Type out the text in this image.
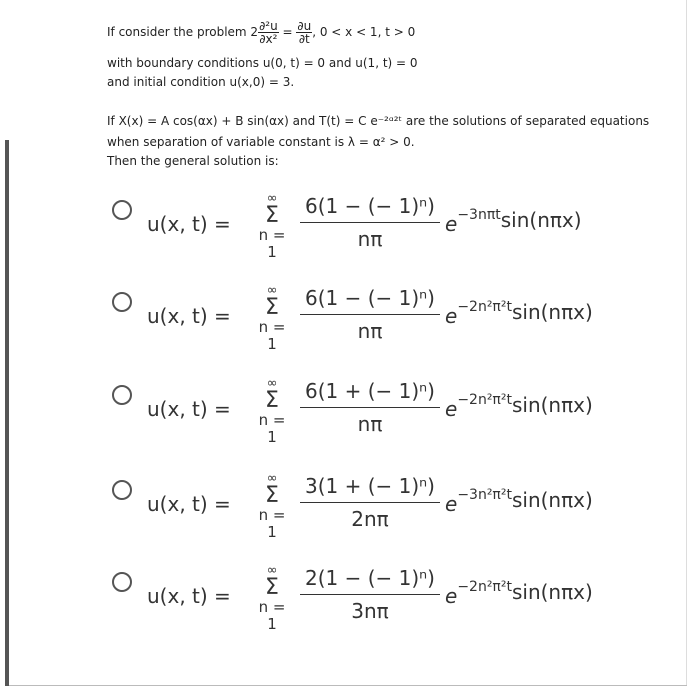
If consider the problem $2 \frac{\text{∂²u}}{\text{∂x²}} = \frac{\partial u}{\partial t}$ , 0 < x < 1, t > 0
with boundary conditions u(0, t) = 0 and u(1, t) = 0
and initial condition u(x,0) = 3.
If X(x) = A cos(αx) + B sin(αx) and T(t) = C e⁻²ᵅ²ᵗ are the solutions of separated equations
when separation of variable constant is λ = α² > 0.
Then the general solution is:
u(x, t) =
∞
Σ
n = 1
$\frac{\text{6(1 − (− 1)ⁿ)}}{n\pi} e^{-3n\pi t}\sin(n\pi x)$
u(x, t) =
∞
Σ
n = 1
$\frac{\text{6(1 − (− 1)ⁿ)}}{n\pi} e^{-2n^2\pi^2t}\sin(n\pi x)$
u(x, t) =
∞
Σ
n = 1
$\frac{\text{6(1 + (− 1)ⁿ)}}{n\pi} e^{-2n^2\pi^2t}\sin(n\pi x)$
u(x, t) =
∞
Σ
n = 1
$\frac{\text{3(1 + (− 1)ⁿ)}}{2n\pi} e^{-3n^2\pi^2t}\sin(n\pi x)$
u(x, t) =
∞
Σ
n = 1
$\frac{\text{2(1 − (− 1)ⁿ)}}{3n\pi} e^{-2n^2\pi^2t}\sin(n\pi x)$
